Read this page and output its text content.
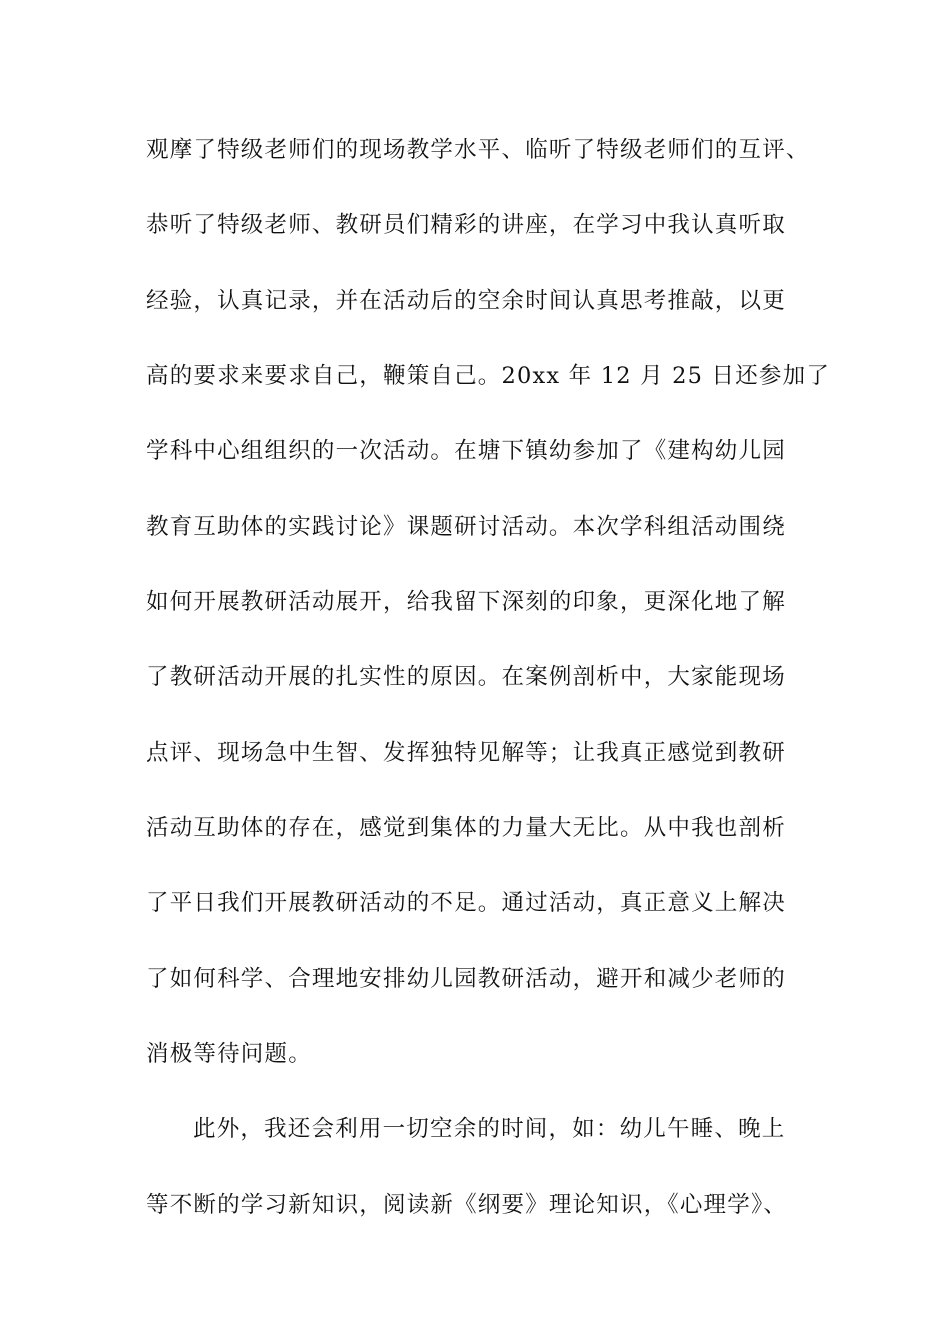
观摩了特级老师们的现场教学水平、临听了特级老师们的互评、
恭听了特级老师、教研员们精彩的讲座，在学习中我认真听取
经验，认真记录，并在活动后的空余时间认真思考推敲，以更
高的要求来要求自己，鞭策自己。20xx 年 12 月 25 日还参加了
学科中心组组织的一次活动。在塘下镇幼参加了《建构幼儿园
教育互助体的实践讨论》课题研讨活动。本次学科组活动围绕
如何开展教研活动展开，给我留下深刻的印象，更深化地了解
了教研活动开展的扎实性的原因。在案例剖析中，大家能现场
点评、现场急中生智、发挥独特见解等；让我真正感觉到教研
活动互助体的存在，感觉到集体的力量大无比。从中我也剖析
了平日我们开展教研活动的不足。通过活动，真正意义上解决
了如何科学、合理地安排幼儿园教研活动，避开和减少老师的
消极等待问题。
此外，我还会利用一切空余的时间，如：幼儿午睡、晚上
等不断的学习新知识，阅读新《纲要》理论知识，《心理学》、
